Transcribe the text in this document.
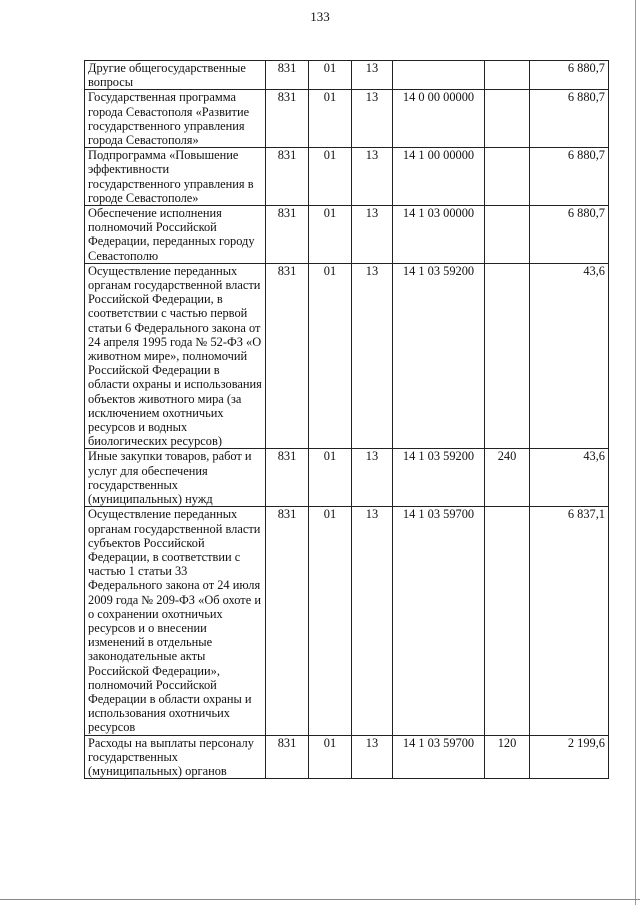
133
Другие общегосударственные вопросы	831	01	13			6 880,7
Государственная программа города Севастополя «Развитие государственного управления города Севастополя»	831	01	13	14 0 00 00000		6 880,7
Подпрограмма «Повышение эффективности государственного управления в городе Севастополе»	831	01	13	14 1 00 00000		6 880,7
Обеспечение исполнения полномочий Российской Федерации, переданных городу Севастополю	831	01	13	14 1 03 00000		6 880,7
Осуществление переданных органам государственной власти Российской Федерации, в соответствии с частью первой статьи 6 Федерального закона от 24 апреля 1995 года № 52-ФЗ «О животном мире», полномочий Российской Федерации в области охраны и использования объектов животного мира (за исключением охотничьих ресурсов и водных биологических ресурсов)	831	01	13	14 1 03 59200		43,6
Иные закупки товаров, работ и услуг для обеспечения государственных (муниципальных) нужд	831	01	13	14 1 03 59200	240	43,6
Осуществление переданных органам государственной власти субъектов Российской Федерации, в соответствии с частью 1 статьи 33 Федерального закона от 24 июля 2009 года № 209-ФЗ «Об охоте и о сохранении охотничьих ресурсов и о внесении изменений в отдельные законодательные акты Российской Федерации», полномочий Российской Федерации в области охраны и использования охотничьих ресурсов	831	01	13	14 1 03 59700		6 837,1
Расходы на выплаты персоналу государственных (муниципальных) органов	831	01	13	14 1 03 59700	120	2 199,6
